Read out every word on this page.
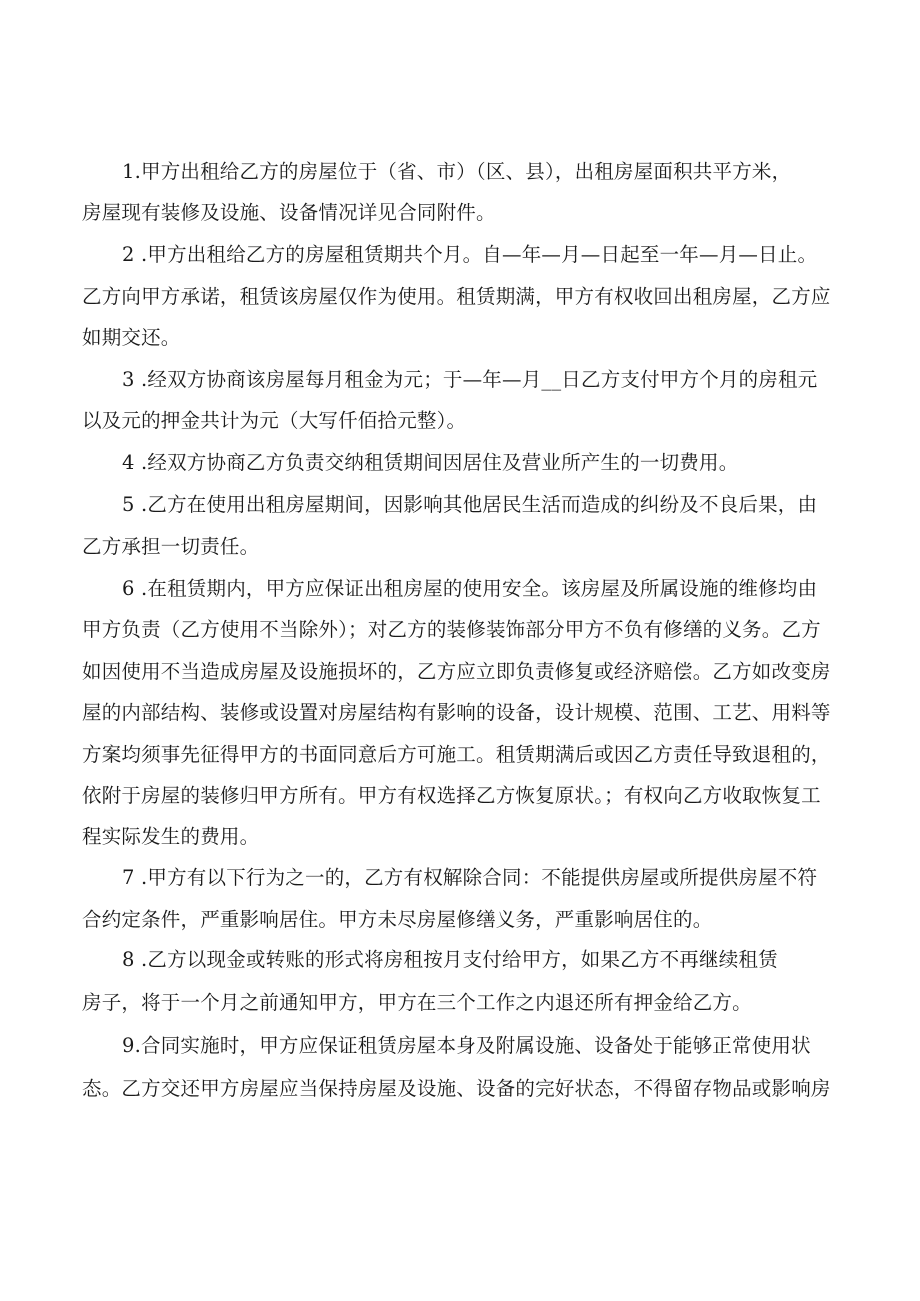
1.甲方出租给乙方的房屋位于（省、市）（区、县），出租房屋面积共平方米，
房屋现有装修及设施、设备情况详见合同附件。
2 .甲方出租给乙方的房屋租赁期共个月。自—年—月—日起至一年—月—日止。
乙方向甲方承诺，租赁该房屋仅作为使用。租赁期满，甲方有权收回出租房屋，乙方应
如期交还。
3 .经双方协商该房屋每月租金为元；于—年—月__日乙方支付甲方个月的房租元
以及元的押金共计为元（大写仟佰拾元整）。
4 .经双方协商乙方负责交纳租赁期间因居住及营业所产生的一切费用。
5 .乙方在使用出租房屋期间，因影响其他居民生活而造成的纠纷及不良后果，由
乙方承担一切责任。
6 .在租赁期内，甲方应保证出租房屋的使用安全。该房屋及所属设施的维修均由
甲方负责（乙方使用不当除外）；对乙方的装修装饰部分甲方不负有修缮的义务。乙方
如因使用不当造成房屋及设施损坏的，乙方应立即负责修复或经济赔偿。乙方如改变房
屋的内部结构、装修或设置对房屋结构有影响的设备，设计规模、范围、工艺、用料等
方案均须事先征得甲方的书面同意后方可施工。租赁期满后或因乙方责任导致退租的，
依附于房屋的装修归甲方所有。甲方有权选择乙方恢复原状。；有权向乙方收取恢复工
程实际发生的费用。
7 .甲方有以下行为之一的，乙方有权解除合同：不能提供房屋或所提供房屋不符
合约定条件，严重影响居住。甲方未尽房屋修缮义务，严重影响居住的。
8 .乙方以现金或转账的形式将房租按月支付给甲方，如果乙方不再继续租赁
房子，将于一个月之前通知甲方，甲方在三个工作之内退还所有押金给乙方。
9.合同实施时，甲方应保证租赁房屋本身及附属设施、设备处于能够正常使用状
态。乙方交还甲方房屋应当保持房屋及设施、设备的完好状态，不得留存物品或影响房
